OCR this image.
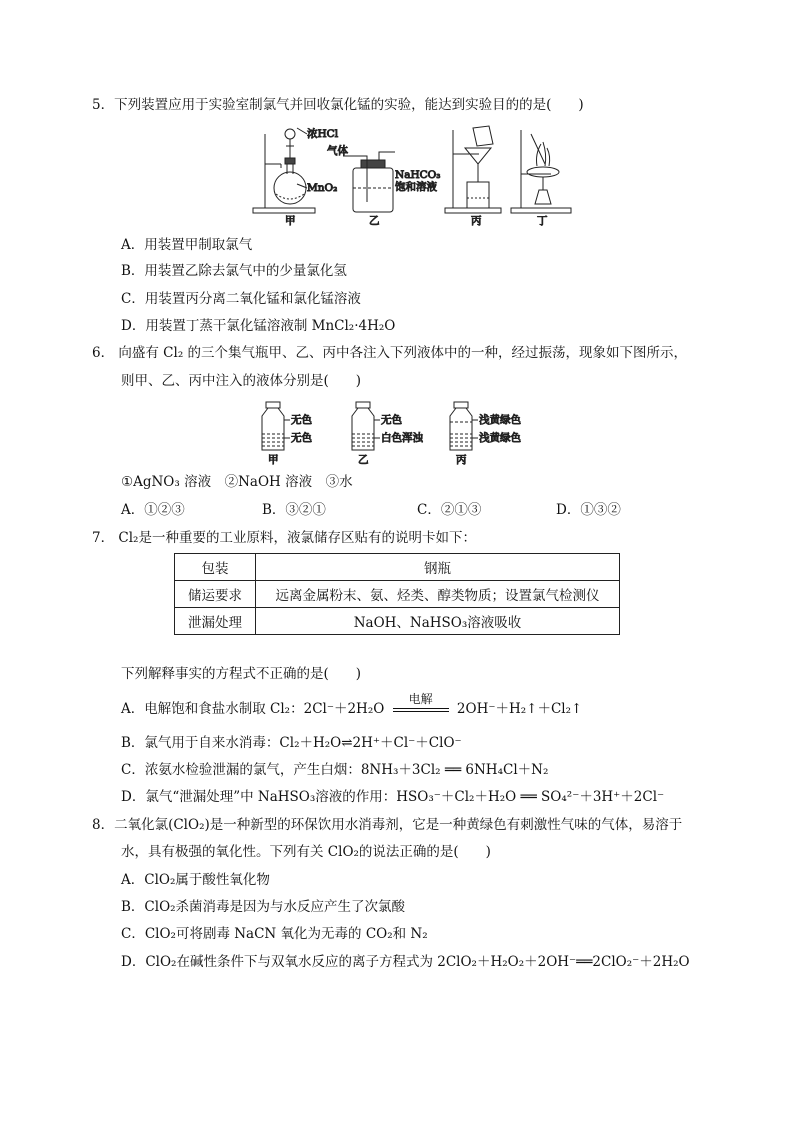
5．下列装置应用于实验室制氯气并回收氯化锰的实验，能达到实验目的的是(　　)
浓HCl
MnO₂
甲
气体
NaHCO₃
饱和溶液
乙	丙	丁
A．用装置甲制取氯气
B．用装置乙除去氯气中的少量氯化氢
C．用装置丙分离二氧化锰和氯化锰溶液
D．用装置丁蒸干氯化锰溶液制 MnCl₂·4H₂O
6． 向盛有 Cl₂ 的三个集气瓶甲、乙、丙中各注入下列液体中的一种，经过振荡，现象如下图所示，
则甲、乙、丙中注入的液体分别是(　　)
无色
无色
甲
无色
白色浑浊
乙
浅黄绿色
浅黄绿色
丙
①AgNO₃ 溶液　②NaOH 溶液　③水
A．①②③	B．③②①	C．②①③	D．①③②
7． Cl₂是一种重要的工业原料，液氯储存区贴有的说明卡如下：
包装	钢瓶
储运要求	远离金属粉末、氨、烃类、醇类物质；设置氯气检测仪
泄漏处理	NaOH、NaHSO₃溶液吸收
下列解释事实的方程式不正确的是(　　)
A．电解饱和食盐水制取 Cl₂：2Cl⁻＋2H₂O
电解
2OH⁻＋H₂↑＋Cl₂↑
B．氯气用于自来水消毒：Cl₂＋H₂O⇌2H⁺＋Cl⁻＋ClO⁻
C．浓氨水检验泄漏的氯气，产生白烟：8NH₃＋3Cl₂ ══ 6NH₄Cl＋N₂
D．氯气“泄漏处理”中 NaHSO₃溶液的作用：HSO₃⁻＋Cl₂＋H₂O ══ SO₄²⁻＋3H⁺＋2Cl⁻
8．二氧化氯(ClO₂)是一种新型的环保饮用水消毒剂，它是一种黄绿色有刺激性气味的气体，易溶于
水，具有极强的氧化性。下列有关 ClO₂的说法正确的是(　　)
A．ClO₂属于酸性氧化物
B．ClO₂杀菌消毒是因为与水反应产生了次氯酸
C．ClO₂可将剧毒 NaCN 氧化为无毒的 CO₂和 N₂
D．ClO₂在碱性条件下与双氧水反应的离子方程式为 2ClO₂＋H₂O₂＋2OH⁻══2ClO₂⁻＋2H₂O
